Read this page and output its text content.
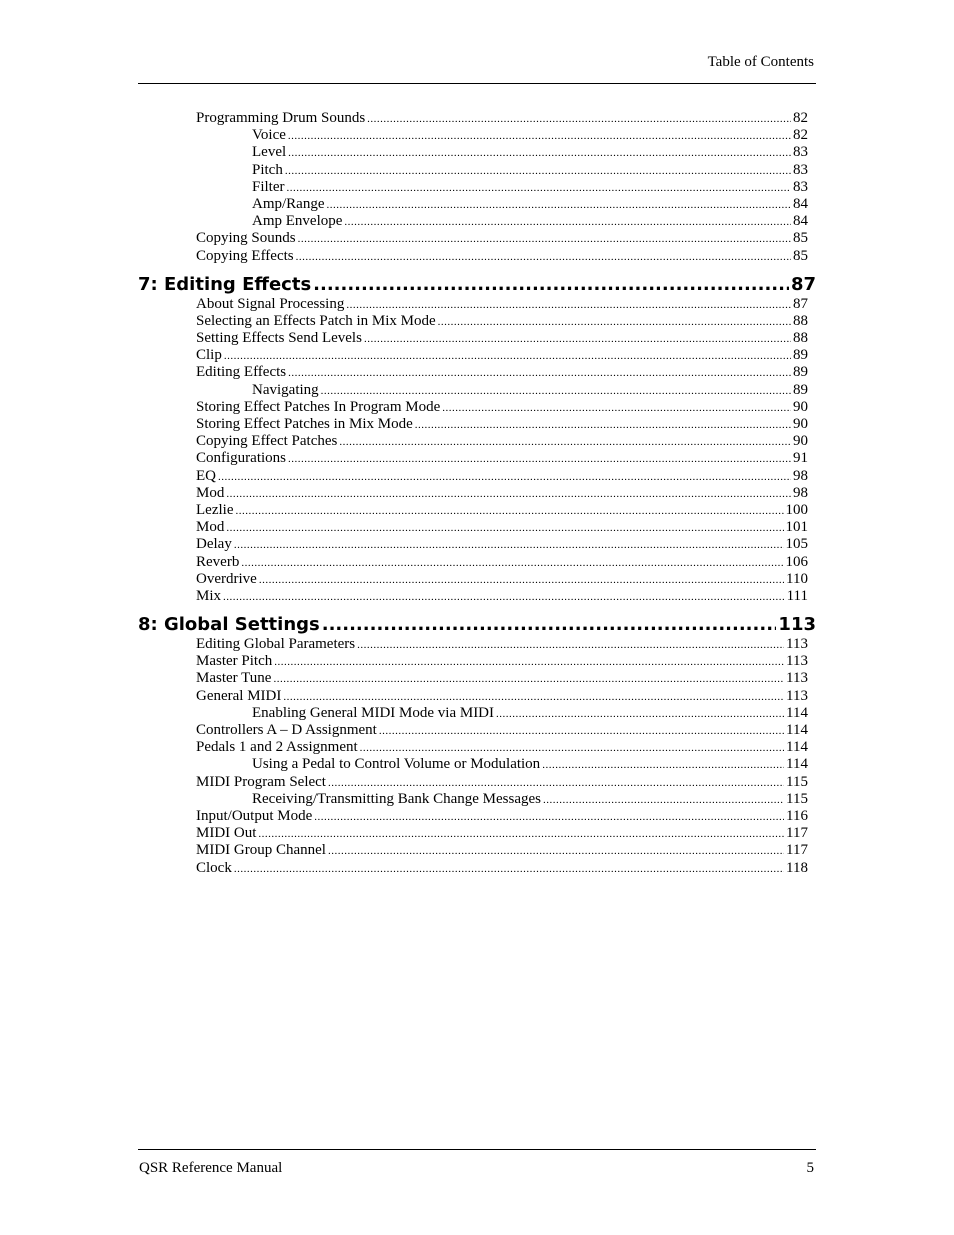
Table of Contents
Programming Drum Sounds .....	82
Voice .....	82
Level .....	83
Pitch .....	83
Filter .....	83
Amp/Range .....	84
Amp Envelope .....	84
Copying Sounds .....	85
Copying Effects .....	85
7: Editing Effects .....	87
About Signal Processing .....	87
Selecting an Effects Patch in Mix Mode .....	88
Setting Effects Send Levels .....	88
Clip .....	89
Editing Effects .....	89
Navigating .....	89
Storing Effect Patches In Program Mode .....	90
Storing Effect Patches in Mix Mode .....	90
Copying Effect Patches .....	90
Configurations .....	91
EQ .....	98
Mod .....	98
Lezlie .....	100
Mod .....	101
Delay .....	105
Reverb .....	106
Overdrive .....	110
Mix .....	111
8: Global Settings .....	113
Editing Global Parameters .....	113
Master Pitch .....	113
Master Tune .....	113
General MIDI .....	113
Enabling General MIDI Mode via MIDI .....	114
Controllers A – D Assignment .....	114
Pedals 1 and 2 Assignment .....	114
Using a Pedal to Control Volume or Modulation .....	114
MIDI Program Select .....	115
Receiving/Transmitting Bank Change Messages .....	115
Input/Output Mode .....	116
MIDI Out .....	117
MIDI Group Channel .....	117
Clock .....	118
QSR Reference Manual	5
